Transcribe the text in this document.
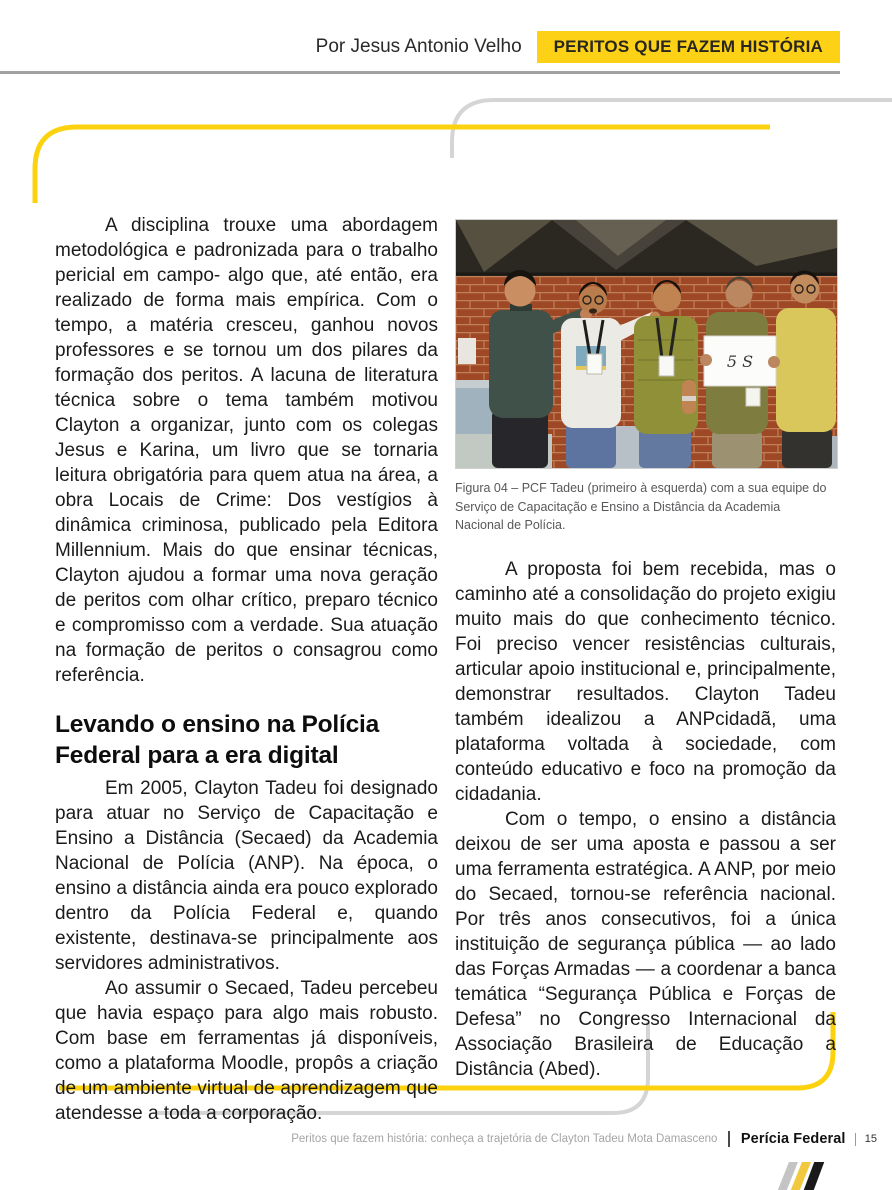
Por Jesus Antonio Velho	PERITOS QUE FAZEM HISTÓRIA

A disciplina trouxe uma abordagem metodológica e padronizada para o trabalho pericial em campo- algo que, até então, era realizado de forma mais empírica. Com o tempo, a matéria cresceu, ganhou novos professores e se tornou um dos pilares da formação dos peritos. A lacuna de literatura técnica sobre o tema também motivou Clayton a organizar, junto com os colegas Jesus e Karina, um livro que se tornaria leitura obrigatória para quem atua na área, a obra Locais de Crime: Dos vestígios à dinâmica criminosa, publicado pela Editora Millennium. Mais do que ensinar técnicas, Clayton ajudou a formar uma nova geração de peritos com olhar crítico, preparo técnico e compromisso com a verdade. Sua atuação na formação de peritos o consagrou como referência.

Levando o ensino na Polícia Federal para a era digital

Em 2005, Clayton Tadeu foi designado para atuar no Serviço de Capacitação e Ensino a Distância (Secaed) da Academia Nacional de Polícia (ANP). Na época, o ensino a distância ainda era pouco explorado dentro da Polícia Federal e, quando existente, destinava-se principalmente aos servidores administrativos.

Ao assumir o Secaed, Tadeu percebeu que havia espaço para algo mais robusto. Com base em ferramentas já disponíveis, como a plataforma Moodle, propôs a criação de um ambiente virtual de aprendizagem que atendesse a toda a corporação.

5 S
Figura 04 – PCF Tadeu (primeiro à esquerda) com a sua equipe do Serviço de Capacitação e Ensino a Distância da Academia Nacional de Polícia.

A proposta foi bem recebida, mas o caminho até a consolidação do projeto exigiu muito mais do que conhecimento técnico. Foi preciso vencer resistências culturais, articular apoio institucional e, principalmente, demonstrar resultados. Clayton Tadeu também idealizou a ANPcidadã, uma plataforma voltada à sociedade, com conteúdo educativo e foco na promoção da cidadania.

Com o tempo, o ensino a distância deixou de ser uma aposta e passou a ser uma ferramenta estratégica. A ANP, por meio do Secaed, tornou-se referência nacional. Por três anos consecutivos, foi a única instituição de segurança pública — ao lado das Forças Armadas — a coordenar a banca temática “Segurança Pública e Forças de Defesa” no Congresso Internacional da Associação Brasileira de Educação a Distância (Abed).

Peritos que fazem história: conheça a trajetória de Clayton Tadeu Mota Damasceno Perícia Federal 15
